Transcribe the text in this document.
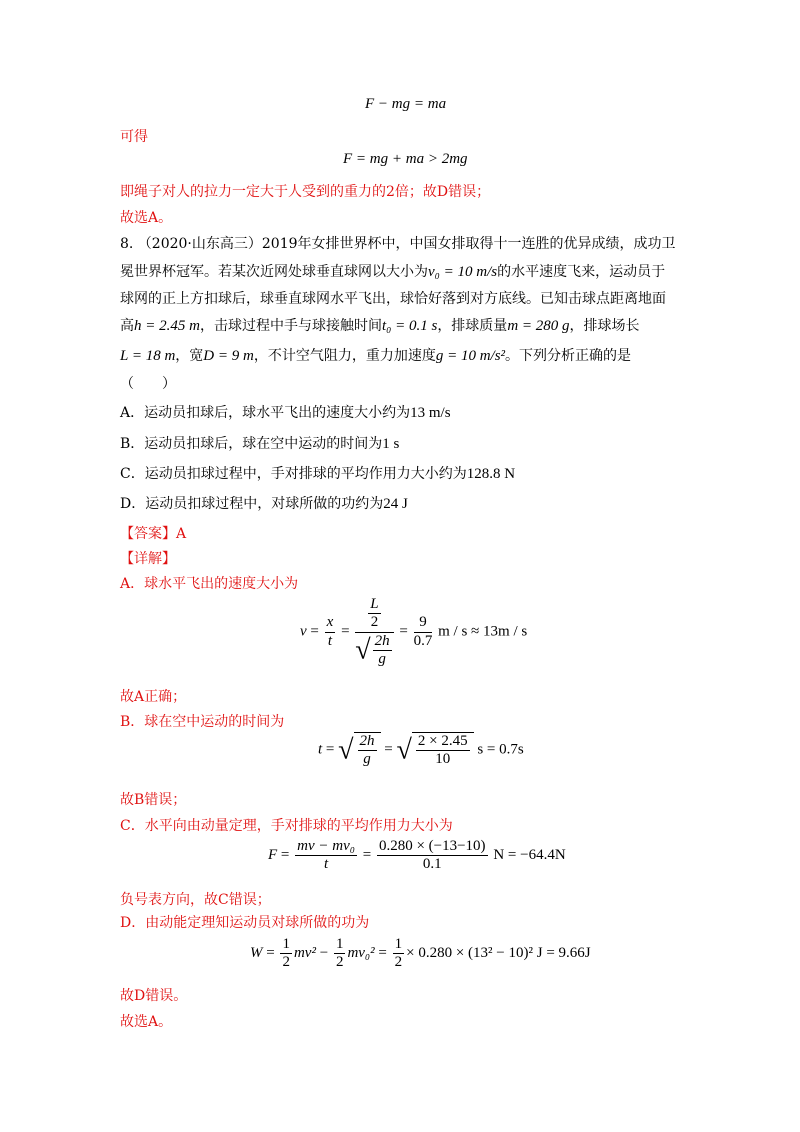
F − mg = ma
可得
F = mg + ma > 2mg
即绳子对人的拉力一定大于人受到的重力的2倍；故D错误；
故选A。
8. （2020·山东高三）2019年女排世界杯中，中国女排取得十一连胜的优异成绩，成功卫
冕世界杯冠军。若某次近网处球垂直球网以大小为v₀ = 10 m/s的水平速度飞来，运动员于
球网的正上方扣球后，球垂直球网水平飞出，球恰好落到对方底线。已知击球点距离地面
高h = 2.45 m，击球过程中手与球接触时间t₀ = 0.1 s，排球质量m = 280 g，排球场长
L = 18 m，宽D = 9 m，不计空气阻力，重力加速度g = 10 m/s²。下列分析正确的是
（　　）
A．运动员扣球后，球水平飞出的速度大小约为13 m/s
B．运动员扣球后，球在空中运动的时间为1 s
C．运动员扣球过程中，手对排球的平均作用力大小约为128.8 N
D．运动员扣球过程中，对球所做的功约为24 J
【答案】A
【详解】
A．球水平飞出的速度大小为
$v = \frac{x}{t} = \frac{\frac{L}{2}}{√ \frac{2h}{g}} = \frac{9}{0.7}$ m / s ≈ 13m / s
故A正确；
B．球在空中运动的时间为
t = √ $\frac{2h}{g}$ = √ $\frac{2 \times 2.45}{10}$ s = 0.7s
故B错误；
C．水平向由动量定理，手对排球的平均作用力大小为
$F = \frac{\text{mv − mv₀}}{t} = \frac{0.280 \times (-13-10)}{0.1}$ N = −64.4N
负号表方向，故C错误；
D．由动能定理知运动员对球所做的功为
$W = \frac{1}{2} mv^2 - \frac{1}{2} mv_0^2 = \frac{1}{2} \times 0.280 \times (13^2 - 10)^2$ J = 9.66J
故D错误。
故选A。
